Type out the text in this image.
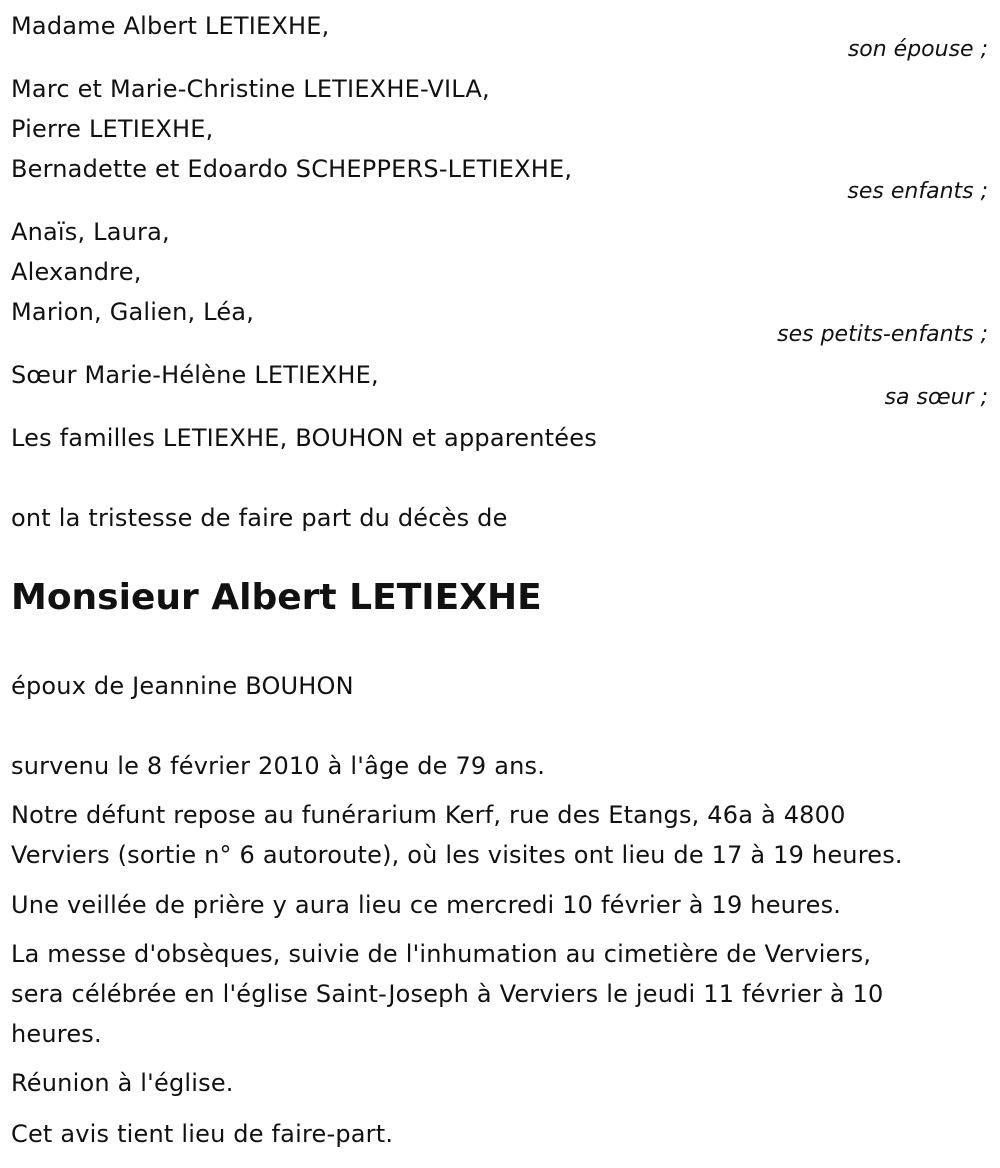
Madame Albert LETIEXHE,
son épouse ;
Marc et Marie-Christine LETIEXHE-VILA,
Pierre LETIEXHE,
Bernadette et Edoardo SCHEPPERS-LETIEXHE,
ses enfants ;
Anaïs, Laura,
Alexandre,
Marion, Galien, Léa,
ses petits-enfants ;
Sœur Marie-Hélène LETIEXHE,
sa sœur ;
Les familles LETIEXHE, BOUHON et apparentées
ont la tristesse de faire part du décès de
Monsieur Albert LETIEXHE
époux de Jeannine BOUHON
survenu le 8 février 2010 à l'âge de 79 ans.
Notre défunt repose au funérarium Kerf, rue des Etangs, 46a à 4800
Verviers (sortie n° 6 autoroute), où les visites ont lieu de 17 à 19 heures.
Une veillée de prière y aura lieu ce mercredi 10 février à 19 heures.
La messe d'obsèques, suivie de l'inhumation au cimetière de Verviers,
sera célébrée en l'église Saint-Joseph à Verviers le jeudi 11 février à 10
heures.
Réunion à l'église.
Cet avis tient lieu de faire-part.
